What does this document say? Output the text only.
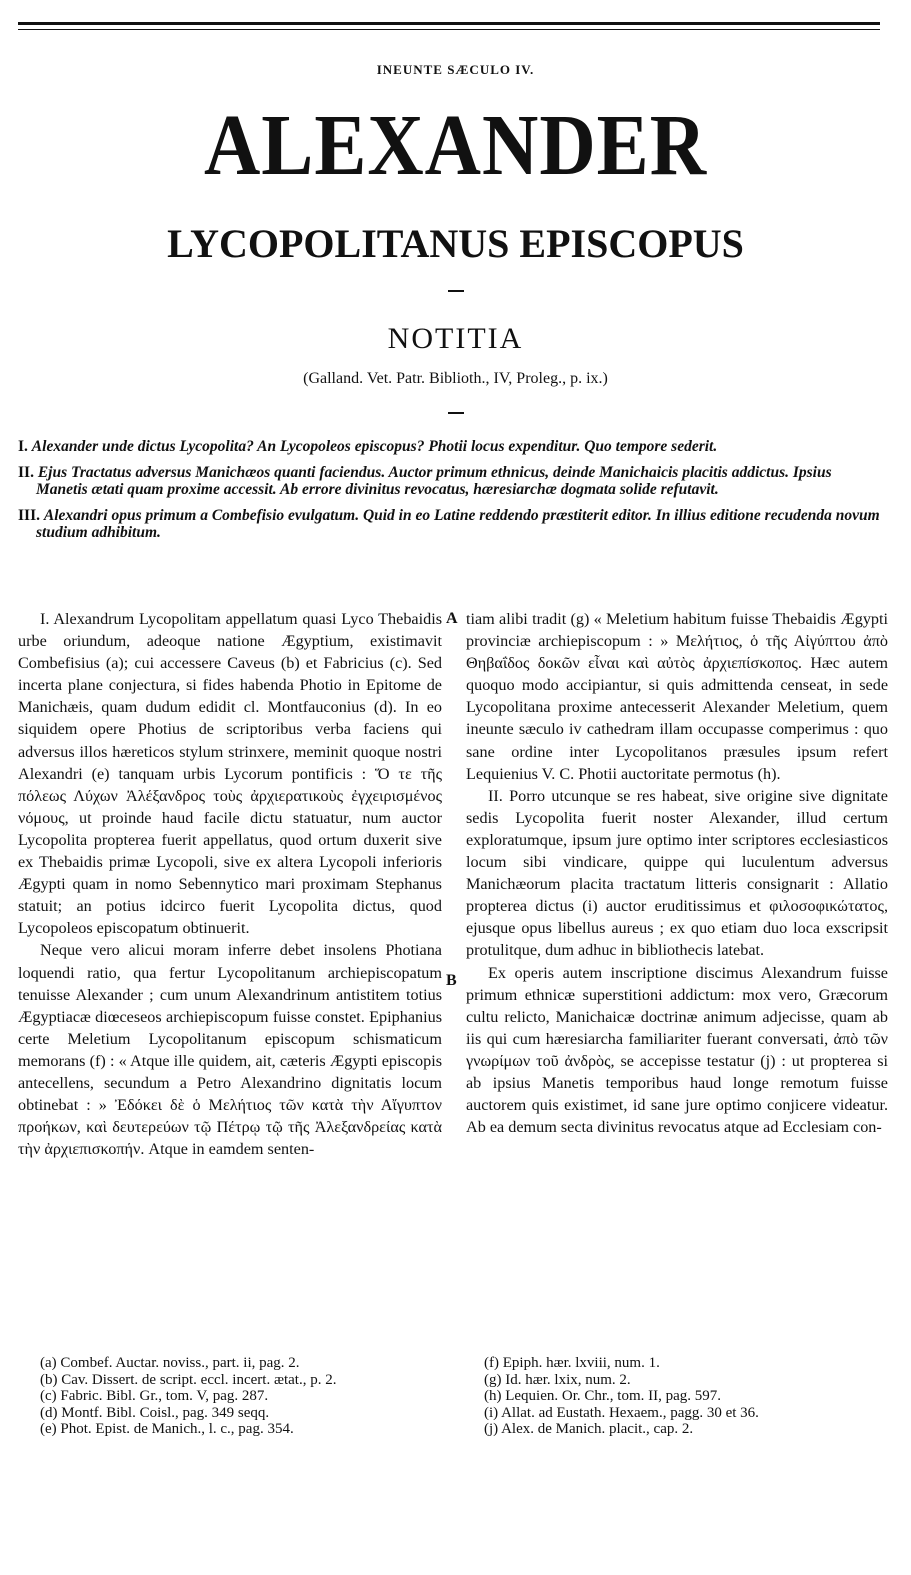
INEUNTE SÆCULO IV.
ALEXANDER
LYCOPOLITANUS EPISCOPUS
NOTITIA
(Galland. Vet. Patr. Biblioth., IV, Proleg., p. ix.)

I. Alexander unde dictus Lycopolita? An Lycopoleos episcopus? Photii locus expenditur. Quo tempore sederit.

II. Ejus Tractatus adversus Manichæos quanti faciendus. Auctor primum ethnicus, deinde Manichaicis placitis addictus. Ipsius Manetis ætati quam proxime accessit. Ab errore divinitus revocatus, hæresiarchæ dogmata solide refutavit.

III. Alexandri opus primum a Combefisio evulgatum. Quid in eo Latine reddendo præstiterit editor. In illius editione recudenda novum studium adhibitum.

I. Alexandrum Lycopolitam appellatum quasi Lyco Thebaidis urbe oriundum, adeoque natione Ægyptium, existimavit Combefisius (a); cui accessere Caveus (b) et Fabricius (c). Sed incerta plane conjectura, si fides habenda Photio in Epitome de Manichæis, quam dudum edidit cl. Montfauconius (d). In eo siquidem opere Photius de scriptoribus verba faciens qui adversus illos hæreticos stylum strinxere, meminit quoque nostri Alexandri (e) tanquam urbis Lycorum pontificis : Ὅ τε τῆς πόλεως Λύχων Ἀλέξανδρος τοὺς ἀρχιερατικοὺς ἐγχειρισμένος νόμους, ut proinde haud facile dictu statuatur, num auctor Lycopolita propterea fuerit appellatus, quod ortum duxerit sive ex Thebaidis primæ Lycopoli, sive ex altera Lycopoli inferioris Ægypti quam in nomo Sebennytico mari proximam Stephanus statuit; an potius idcirco fuerit Lycopolita dictus, quod Lycopoleos episcopatum obtinuerit.

Neque vero alicui moram inferre debet insolens Photiana loquendi ratio, qua fertur Lycopolitanum archiepiscopatum tenuisse Alexander ; cum unum Alexandrinum antistitem totius Ægyptiacæ diœceseos archiepiscopum fuisse constet. Epiphanius certe Meletium Lycopolitanum episcopum schismaticum memorans (f) : « Atque ille quidem, ait, cæteris Ægypti episcopis antecellens, secundum a Petro Alexandrino dignitatis locum obtinebat : » Ἐδόκει δὲ ὁ Μελήτιος τῶν κατὰ τὴν Αἴγυπτον προήκων, καὶ δευτερεύων τῷ Πέτρῳ τῷ τῆς Ἀλεξανδρείας κατὰ τὴν ἀρχιεπισκοπήν. Atque in eamdem senten-

A
B

tiam alibi tradit (g) « Meletium habitum fuisse Thebaidis Ægypti provinciæ archiepiscopum : » Μελήτιος, ὁ τῆς Αἰγύπτου ἀπὸ Θηβαΐδος δοκῶν εἶναι καὶ αὐτὸς ἀρχιεπίσκοπος. Hæc autem quoquo modo accipiantur, si quis admittenda censeat, in sede Lycopolitana proxime antecesserit Alexander Meletium, quem ineunte sæculo iv cathedram illam occupasse comperimus : quo sane ordine inter Lycopolitanos præsules ipsum refert Lequienius V. C. Photii auctoritate permotus (h).

II. Porro utcunque se res habeat, sive origine sive dignitate sedis Lycopolita fuerit noster Alexander, illud certum exploratumque, ipsum jure optimo inter scriptores ecclesiasticos locum sibi vindicare, quippe qui luculentum adversus Manichæorum placita tractatum litteris consignarit : Allatio propterea dictus (i) auctor eruditissimus et φιλοσοφικώτατος, ejusque opus libellus aureus ; ex quo etiam duo loca exscripsit protulitque, dum adhuc in bibliothecis latebat.

Ex operis autem inscriptione discimus Alexandrum fuisse primum ethnicæ superstitioni addictum: mox vero, Græcorum cultu relicto, Manichaicæ doctrinæ animum adjecisse, quam ab iis qui cum hæresiarcha familiariter fuerant conversati, ἀπὸ τῶν γνωρίμων τοῦ ἀνδρὸς, se accepisse testatur (j) : ut propterea si ab ipsius Manetis temporibus haud longe remotum fuisse auctorem quis existimet, id sane jure optimo conjicere videatur. Ab ea demum secta divinitus revocatus atque ad Ecclesiam con-

(a) Combef. Auctar. noviss., part. ii, pag. 2.
(b) Cav. Dissert. de script. eccl. incert. ætat., p. 2.
(c) Fabric. Bibl. Gr., tom. V, pag. 287.
(d) Montf. Bibl. Coisl., pag. 349 seqq.
(e) Phot. Epist. de Manich., l. c., pag. 354.
(f) Epiph. hær. lxviii, num. 1.
(g) Id. hær. lxix, num. 2.
(h) Lequien. Or. Chr., tom. II, pag. 597.
(i) Allat. ad Eustath. Hexaem., pagg. 30 et 36.
(j) Alex. de Manich. placit., cap. 2.
